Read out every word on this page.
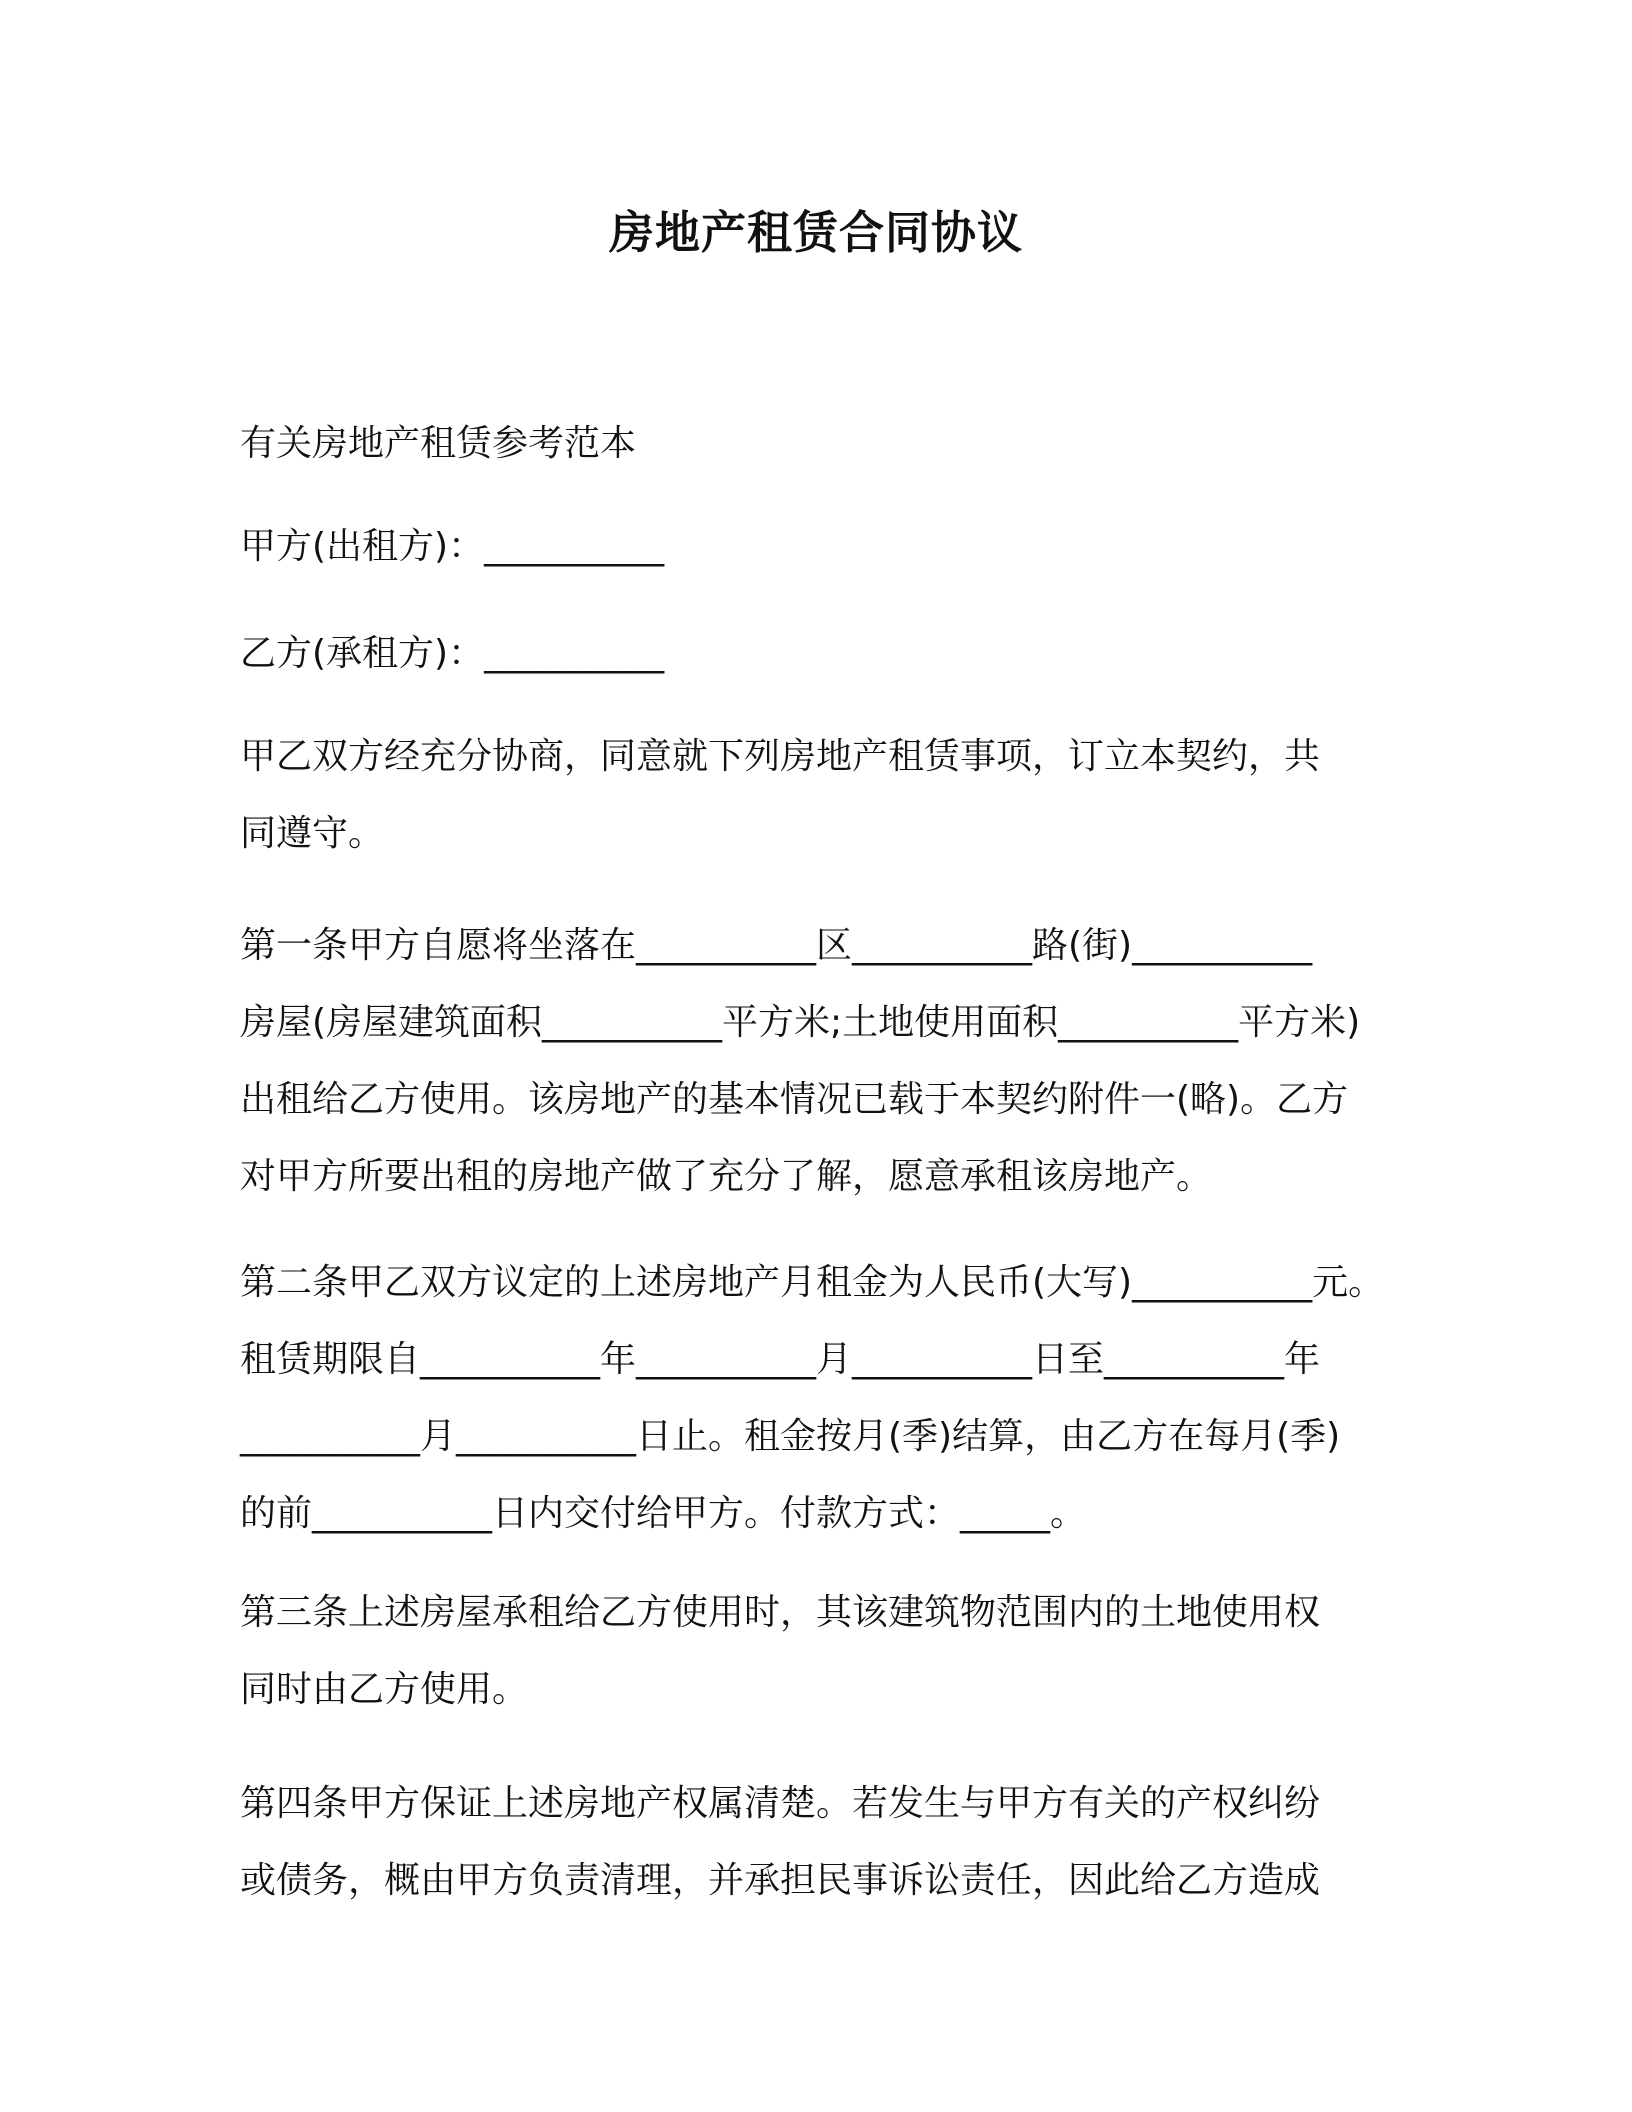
房地产租赁合同协议

有关房地产租赁参考范本

甲方(出租方)：__________

乙方(承租方)：__________

甲乙双方经充分协商，同意就下列房地产租赁事项，订立本契约，共
同遵守。

第一条甲方自愿将坐落在__________区__________路(街)__________
房屋(房屋建筑面积__________平方米;土地使用面积__________平方米)
出租给乙方使用。该房地产的基本情况已载于本契约附件一(略)。乙方
对甲方所要出租的房地产做了充分了解，愿意承租该房地产。

第二条甲乙双方议定的上述房地产月租金为人民币(大写)__________元。
租赁期限自__________年__________月__________日至__________年
__________月__________日止。租金按月(季)结算，由乙方在每月(季)
的前__________日内交付给甲方。付款方式：_____。

第三条上述房屋承租给乙方使用时，其该建筑物范围内的土地使用权
同时由乙方使用。

第四条甲方保证上述房地产权属清楚。若发生与甲方有关的产权纠纷
或债务，概由甲方负责清理，并承担民事诉讼责任，因此给乙方造成
